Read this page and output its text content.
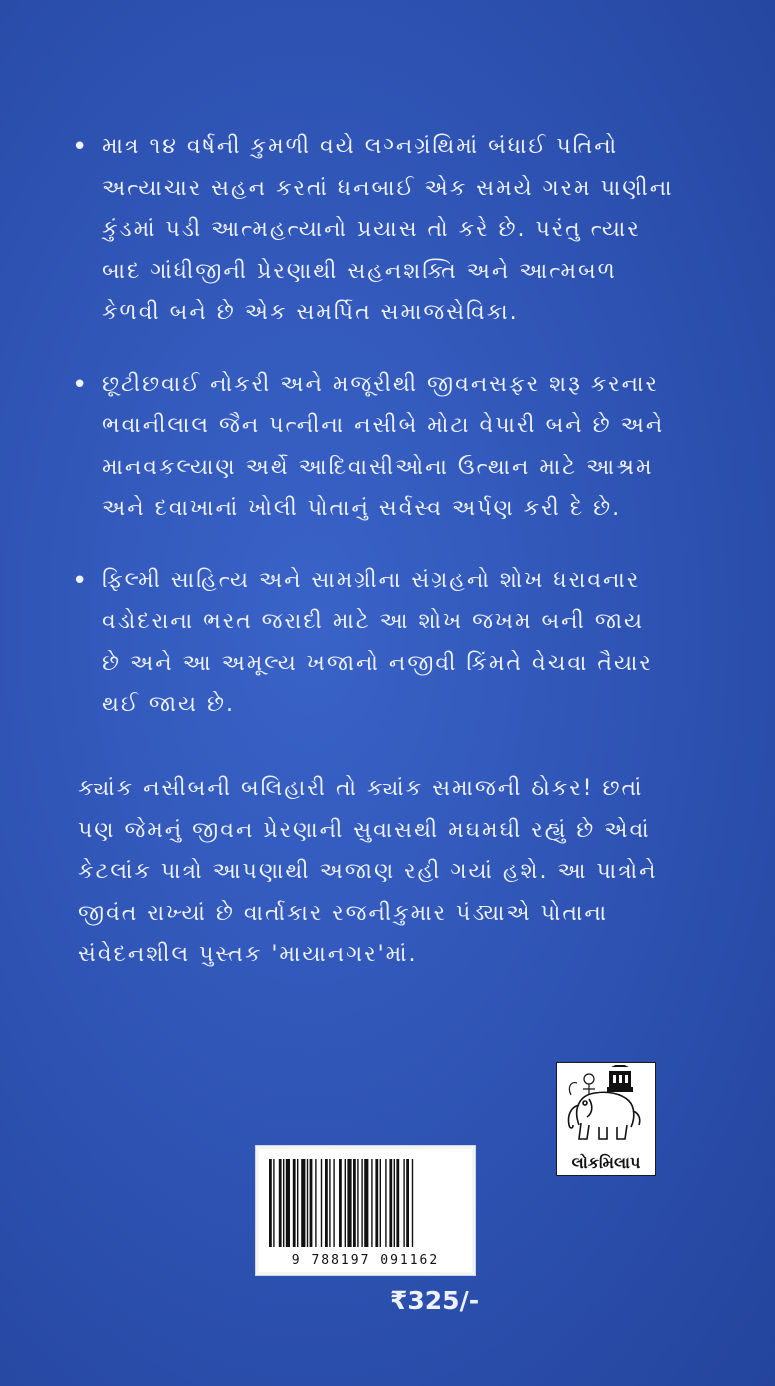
• માત્ર ૧૪ વર્ષની કુમળી વયે લગ્નગ્રંથિમાં બંધાઈ પતિનો
અત્યાચાર સહન કરતાં ધનબાઈ એક સમયે ગરમ પાણીના
કુંડમાં પડી આત્મહત્યાનો પ્રયાસ તો કરે છે. પરંતુ ત્યાર
બાદ ગાંધીજીની પ્રેરણાથી સહનશક્તિ અને આત્મબળ
કેળવી બને છે એક સમર્પિત સમાજસેવિકા.
• છૂટીછવાઈ નોકરી અને મજૂરીથી જીવનસફર શરૂ કરનાર
ભવાનીલાલ જૈન પત્નીના નસીબે મોટા વેપારી બને છે અને
માનવકલ્યાણ અર્થે આદિવાસીઓના ઉત્થાન માટે આશ્રમ
અને દવાખાનાં ખોલી પોતાનું સર્વસ્વ અર્પણ કરી દે છે.
• ફિલ્મી સાહિત્ય અને સામગ્રીના સંગ્રહનો શોખ ધરાવનાર
વડોદરાના ભરત જરાદી માટે આ શોખ જખમ બની જાય
છે અને આ અમૂલ્ય ખજાનો નજીવી કિંમતે વેચવા તૈયાર
થઈ જાય છે.
ક્યાંક નસીબની બલિહારી તો ક્યાંક સમાજની ઠોકર! છતાં
પણ જેમનું જીવન પ્રેરણાની સુવાસથી મઘમઘી રહ્યું છે એવાં
કેટલાંક પાત્રો આપણાથી અજાણ રહી ગયાં હશે. આ પાત્રોને
જીવંત રાખ્યાં છે વાર્તાકાર રજનીકુમાર પંડ્યાએ પોતાના
સંવેદનશીલ પુસ્તક 'માયાનગર'માં.
લોકમિલાપ
9 788197 091162
₹325/-
